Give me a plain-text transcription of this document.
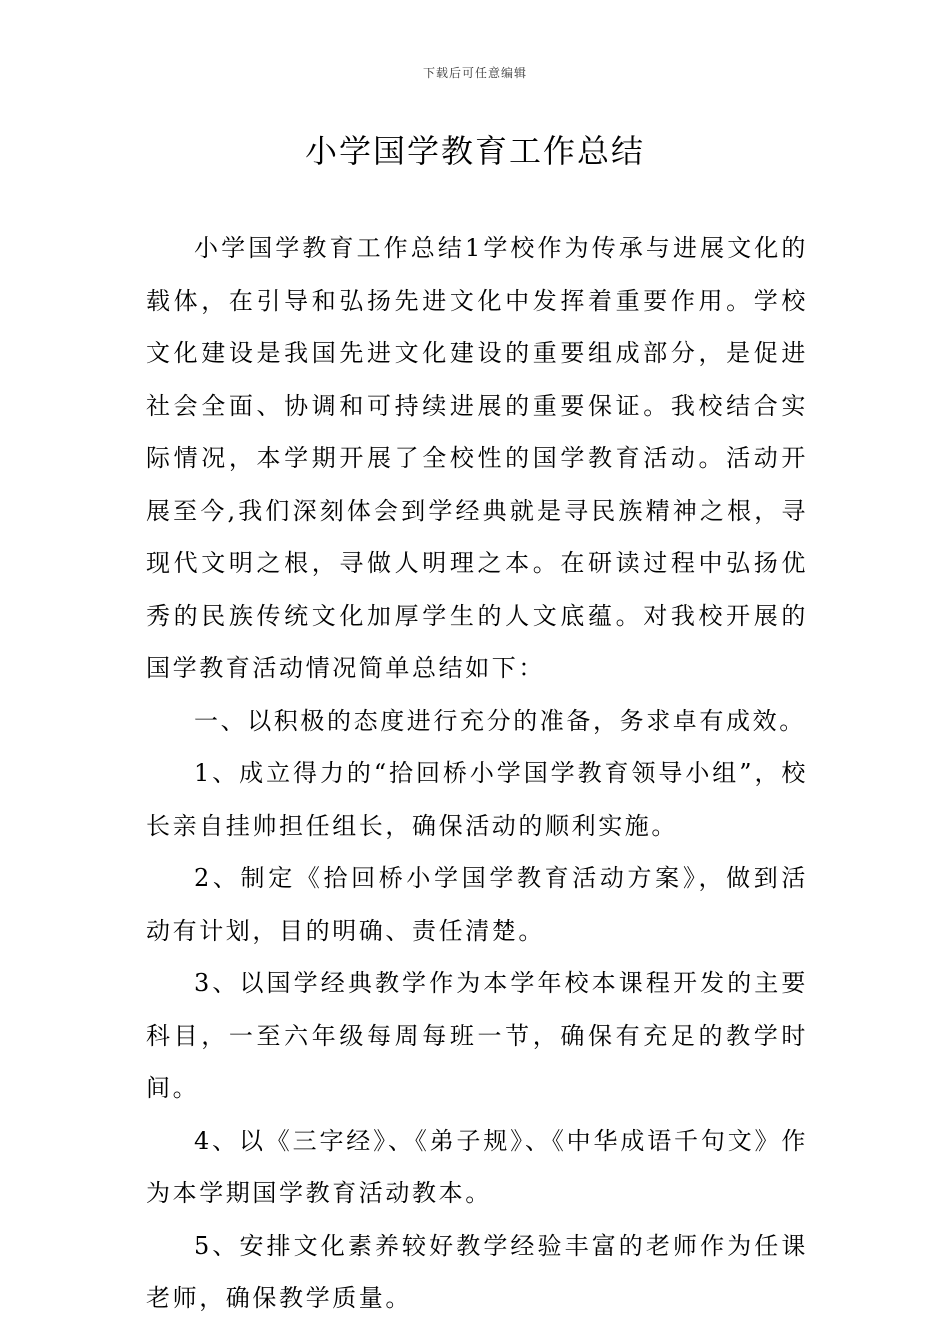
下载后可任意编辑
小学国学教育工作总结

小学国学教育工作总结1学校作为传承与进展文化的载体，在引导和弘扬先进文化中发挥着重要作用。学校文化建设是我国先进文化建设的重要组成部分，是促进社会全面、协调和可持续进展的重要保证。我校结合实际情况，本学期开展了全校性的国学教育活动。活动开展至今,我们深刻体会到学经典就是寻民族精神之根，寻现代文明之根，寻做人明理之本。在研读过程中弘扬优秀的民族传统文化加厚学生的人文底蕴。对我校开展的国学教育活动情况简单总结如下：

一、以积极的态度进行充分的准备，务求卓有成效。

1、成立得力的“拾回桥小学国学教育领导小组”，校长亲自挂帅担任组长，确保活动的顺利实施。

2、制定《拾回桥小学国学教育活动方案》，做到活动有计划，目的明确、责任清楚。

3、以国学经典教学作为本学年校本课程开发的主要科目，一至六年级每周每班一节，确保有充足的教学时间。

4、以《三字经》、《弟子规》、《中华成语千句文》作为本学期国学教育活动教本。

5、安排文化素养较好教学经验丰富的老师作为任课老师，确保教学质量。
